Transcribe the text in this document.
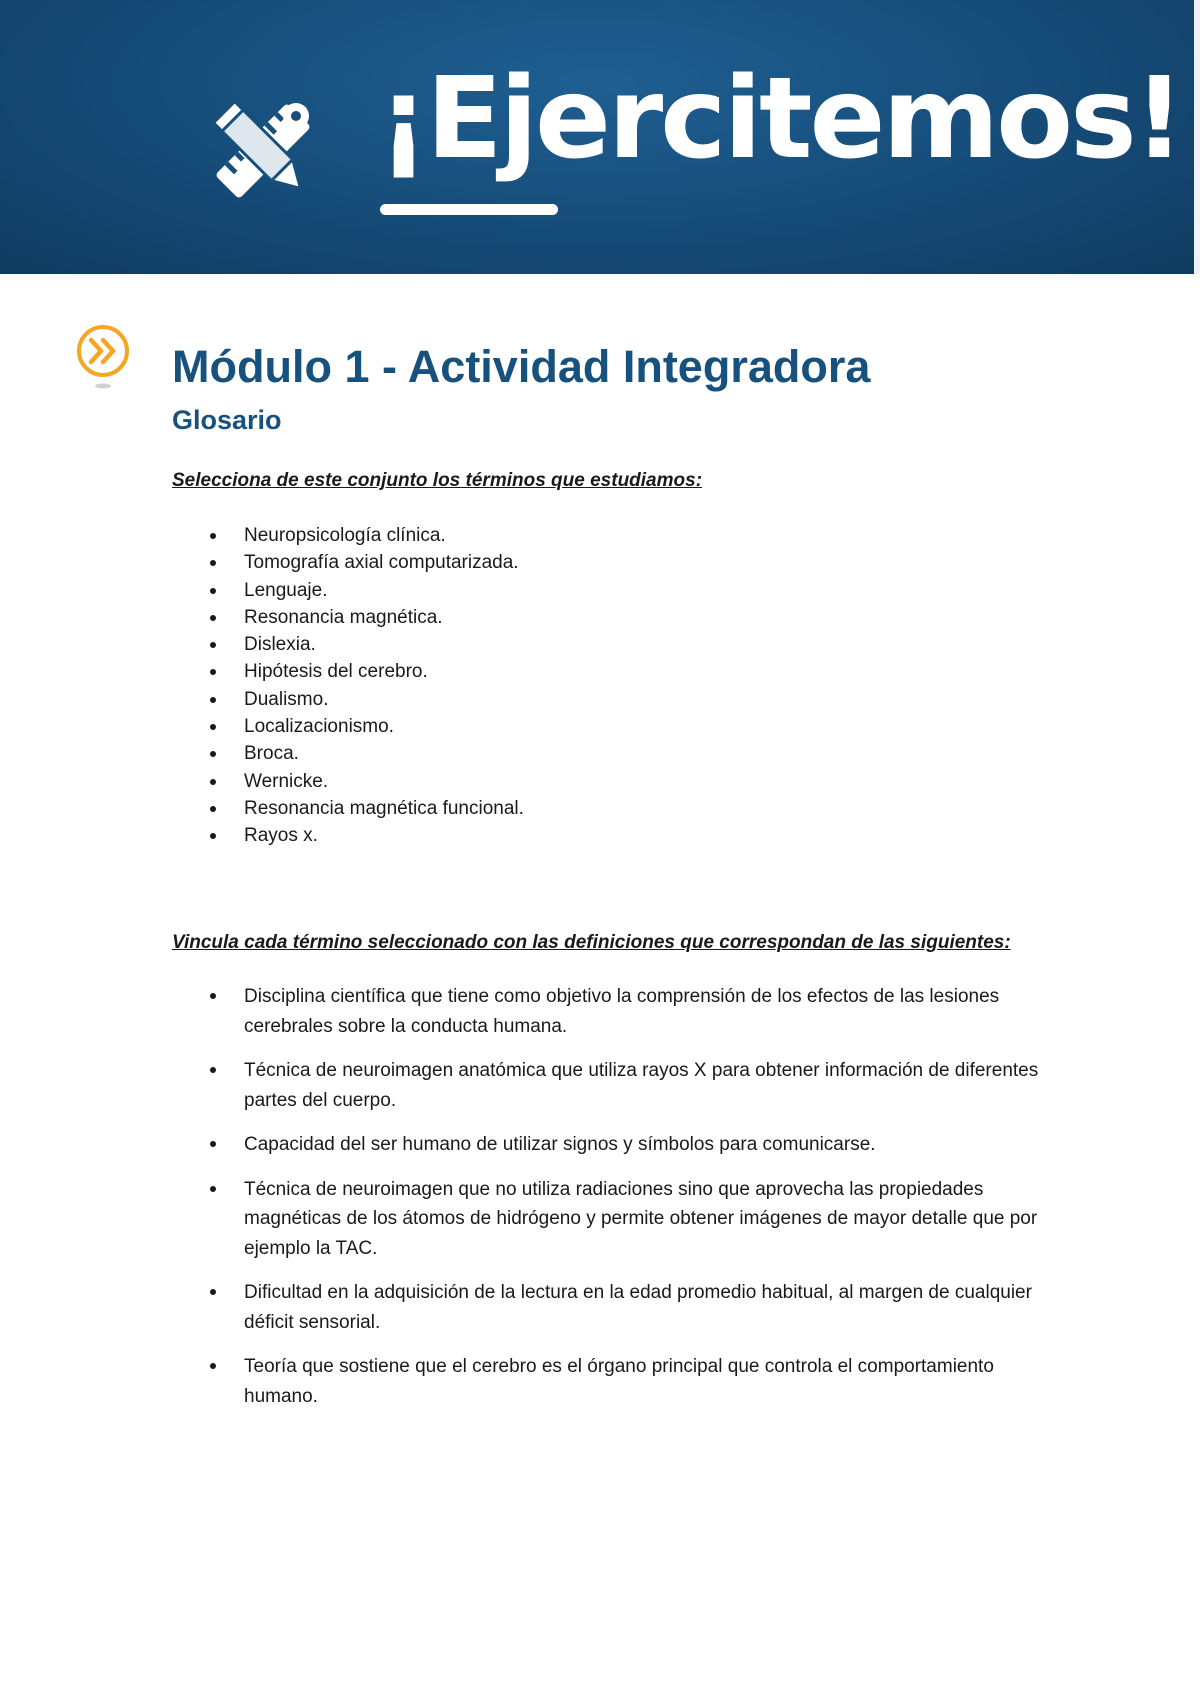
¡Ejercitemos!
Módulo 1 - Actividad Integradora
Glosario

Selecciona de este conjunto los términos que estudiamos:

Neuropsicología clínica.
Tomografía axial computarizada.
Lenguaje.
Resonancia magnética.
Dislexia.
Hipótesis del cerebro.
Dualismo.
Localizacionismo.
Broca.
Wernicke.
Resonancia magnética funcional.
Rayos x.

Vincula cada término seleccionado con las definiciones que correspondan de las siguientes:

Disciplina científica que tiene como objetivo la comprensión de los efectos de las lesiones cerebrales sobre la conducta humana.
Técnica de neuroimagen anatómica que utiliza rayos X para obtener información de diferentes partes del cuerpo.
Capacidad del ser humano de utilizar signos y símbolos para comunicarse.
Técnica de neuroimagen que no utiliza radiaciones sino que aprovecha las propiedades magnéticas de los átomos de hidrógeno y permite obtener imágenes de mayor detalle que por ejemplo la TAC.
Dificultad en la adquisición de la lectura en la edad promedio habitual, al margen de cualquier déficit sensorial.
Teoría que sostiene que el cerebro es el órgano principal que controla el comportamiento humano.
